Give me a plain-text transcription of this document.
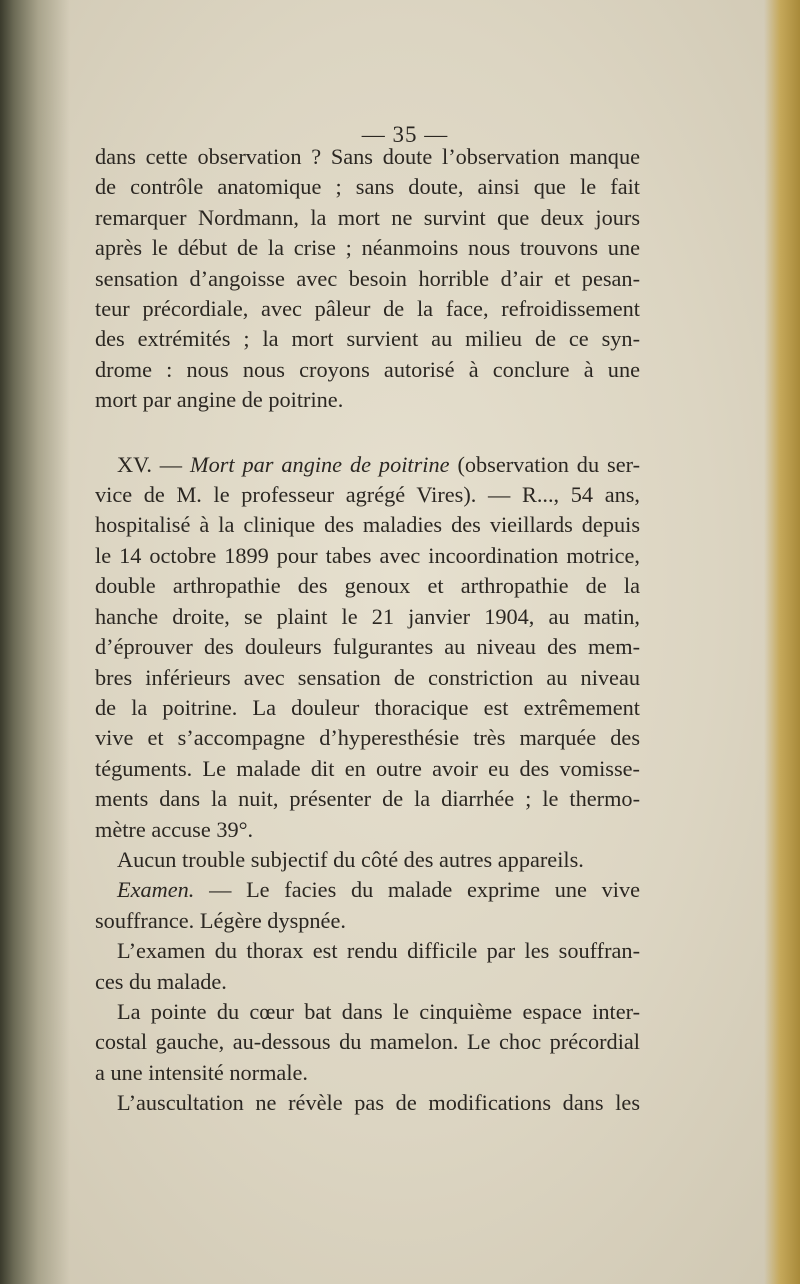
— 35 —
dans cette observation ? Sans doute l’observation manque
de contrôle anatomique ; sans doute, ainsi que le fait
remarquer Nordmann, la mort ne survint que deux jours
après le début de la crise ; néanmoins nous trouvons une
sensation d’angoisse avec besoin horrible d’air et pesan-
teur précordiale, avec pâleur de la face, refroidissement
des extrémités ; la mort survient au milieu de ce syn-
drome : nous nous croyons autorisé à conclure à une
mort par angine de poitrine.
XV. — Mort par angine de poitrine (observation du ser-
vice de M. le professeur agrégé Vires). — R..., 54 ans,
hospitalisé à la clinique des maladies des vieillards depuis
le 14 octobre 1899 pour tabes avec incoordination motrice,
double arthropathie des genoux et arthropathie de la
hanche droite, se plaint le 21 janvier 1904, au matin,
d’éprouver des douleurs fulgurantes au niveau des mem-
bres inférieurs avec sensation de constriction au niveau
de la poitrine. La douleur thoracique est extrêmement
vive et s’accompagne d’hyperesthésie très marquée des
téguments. Le malade dit en outre avoir eu des vomisse-
ments dans la nuit, présenter de la diarrhée ; le thermo-
mètre accuse 39°.
Aucun trouble subjectif du côté des autres appareils.
Examen. — Le facies du malade exprime une vive
souffrance. Légère dyspnée.
L’examen du thorax est rendu difficile par les souffran-
ces du malade.
La pointe du cœur bat dans le cinquième espace inter-
costal gauche, au-dessous du mamelon. Le choc précordial
a une intensité normale.
L’auscultation ne révèle pas de modifications dans les
